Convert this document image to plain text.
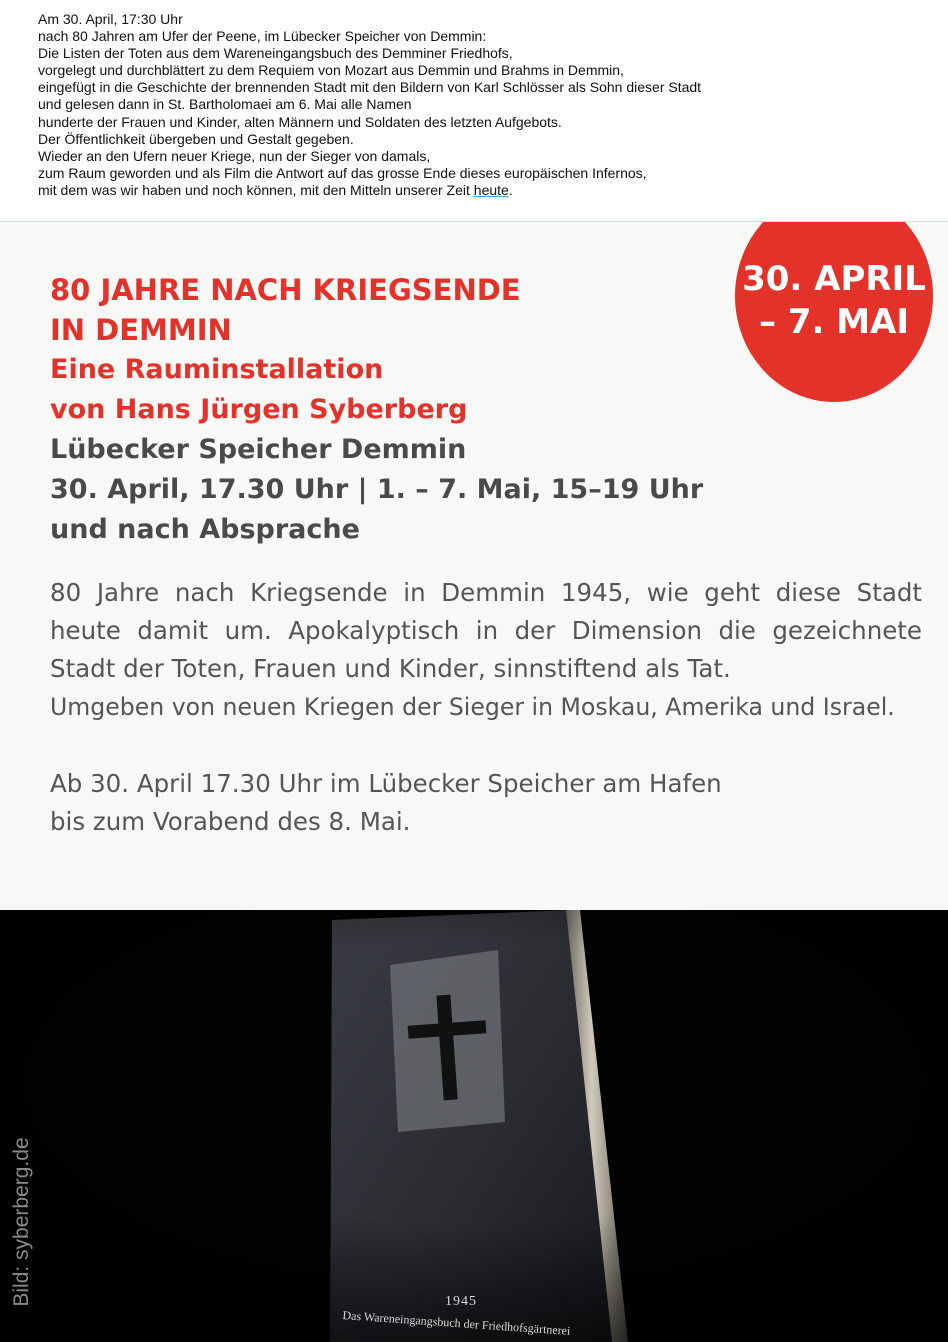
Am 30. April, 17:30 Uhr
nach 80 Jahren am Ufer der Peene, im Lübecker Speicher von Demmin:
Die Listen der Toten aus dem Wareneingangsbuch des Demminer Friedhofs,
vorgelegt und durchblättert zu dem Requiem von Mozart aus Demmin und Brahms in Demmin,
eingefügt in die Geschichte der brennenden Stadt mit den Bildern von Karl Schlösser als Sohn dieser Stadt
und gelesen dann in St. Bartholomaei am 6. Mai alle Namen
hunderte der Frauen und Kinder, alten Männern und Soldaten des letzten Aufgebots.
Der Öffentlichkeit übergeben und Gestalt gegeben.
Wieder an den Ufern neuer Kriege, nun der Sieger von damals,
zum Raum geworden und als Film die Antwort auf das grosse Ende dieses europäischen Infernos,
mit dem was wir haben und noch können, mit den Mitteln unserer Zeit heute.
30. APRIL
– 7. MAI
80 JAHRE NACH KRIEGSENDE
IN DEMMIN
Eine Rauminstallation
von Hans Jürgen Syberberg
Lübecker Speicher Demmin
30. April, 17.30 Uhr | 1. – 7. Mai, 15–19 Uhr
und nach Absprache
80 Jahre nach Kriegsende in Demmin 1945, wie geht diese Stadt
heute damit um. Apokalyptisch in der Dimension die gezeichnete
Stadt der Toten, Frauen und Kinder, sinnstiftend als Tat.
Umgeben von neuen Kriegen der Sieger in Moskau, Amerika und Israel.
Ab 30. April 17.30 Uhr im Lübecker Speicher am Hafen
bis zum Vorabend des 8. Mai.
Bild: syberberg.de	1945
Das Wareneingangsbuch der Friedhofsgärtnerei
